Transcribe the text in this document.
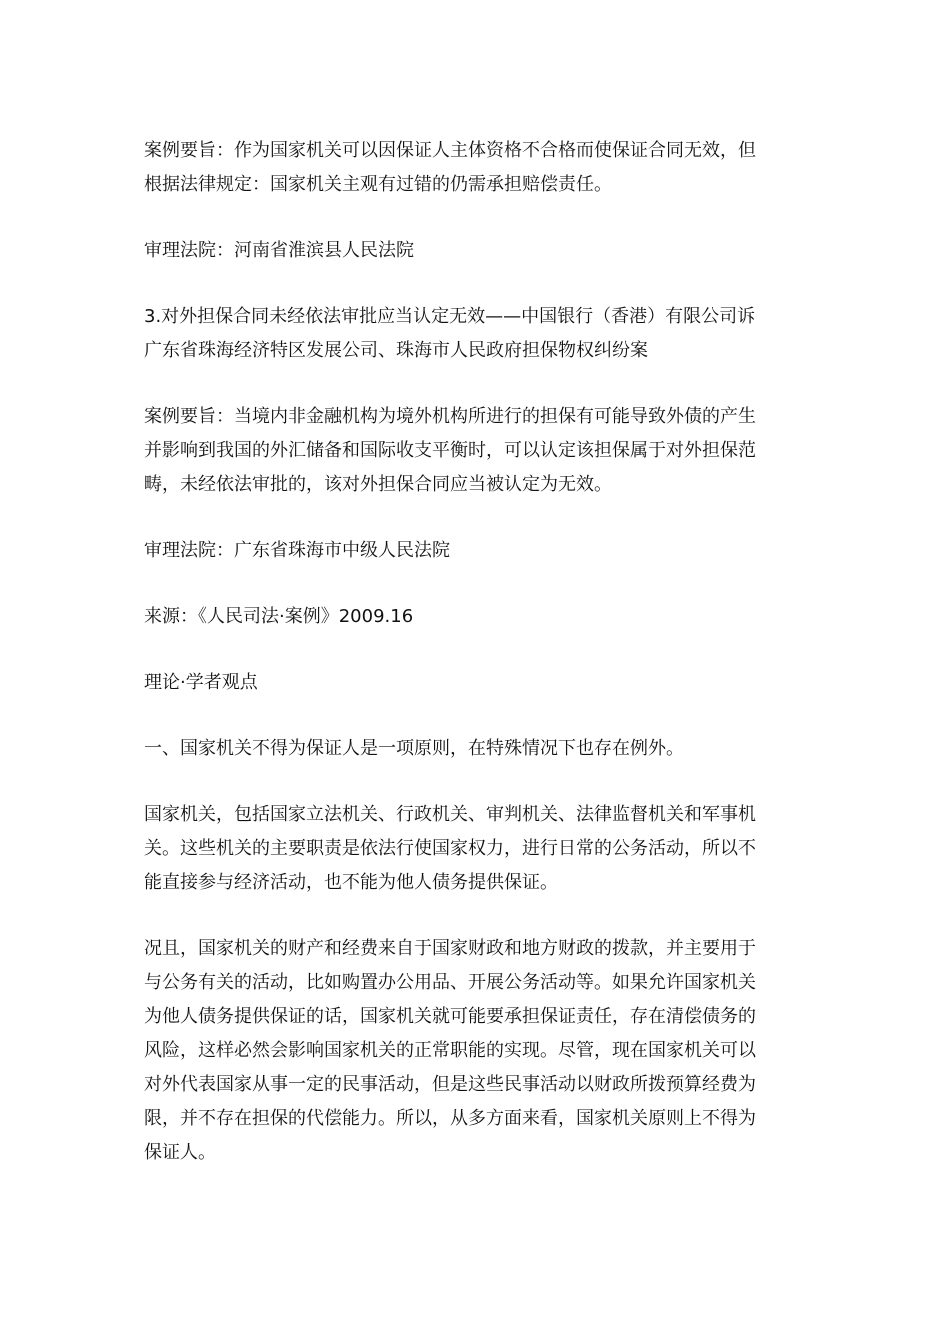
案例要旨：作为国家机关可以因保证人主体资格不合格而使保证合同无效，但
根据法律规定：国家机关主观有过错的仍需承担赔偿责任。

审理法院：河南省淮滨县人民法院

3.对外担保合同未经依法审批应当认定无效——中国银行（香港）有限公司诉
广东省珠海经济特区发展公司、珠海市人民政府担保物权纠纷案

案例要旨：当境内非金融机构为境外机构所进行的担保有可能导致外债的产生
并影响到我国的外汇储备和国际收支平衡时，可以认定该担保属于对外担保范
畴，未经依法审批的，该对外担保合同应当被认定为无效。

审理法院：广东省珠海市中级人民法院

来源：《人民司法·案例》2009.16

理论·学者观点

一、国家机关不得为保证人是一项原则，在特殊情况下也存在例外。

国家机关，包括国家立法机关、行政机关、审判机关、法律监督机关和军事机
关。这些机关的主要职责是依法行使国家权力，进行日常的公务活动，所以不
能直接参与经济活动，也不能为他人债务提供保证。

况且，国家机关的财产和经费来自于国家财政和地方财政的拨款，并主要用于
与公务有关的活动，比如购置办公用品、开展公务活动等。如果允许国家机关
为他人债务提供保证的话，国家机关就可能要承担保证责任，存在清偿债务的
风险，这样必然会影响国家机关的正常职能的实现。尽管，现在国家机关可以
对外代表国家从事一定的民事活动，但是这些民事活动以财政所拨预算经费为
限，并不存在担保的代偿能力。所以，从多方面来看，国家机关原则上不得为
保证人。
